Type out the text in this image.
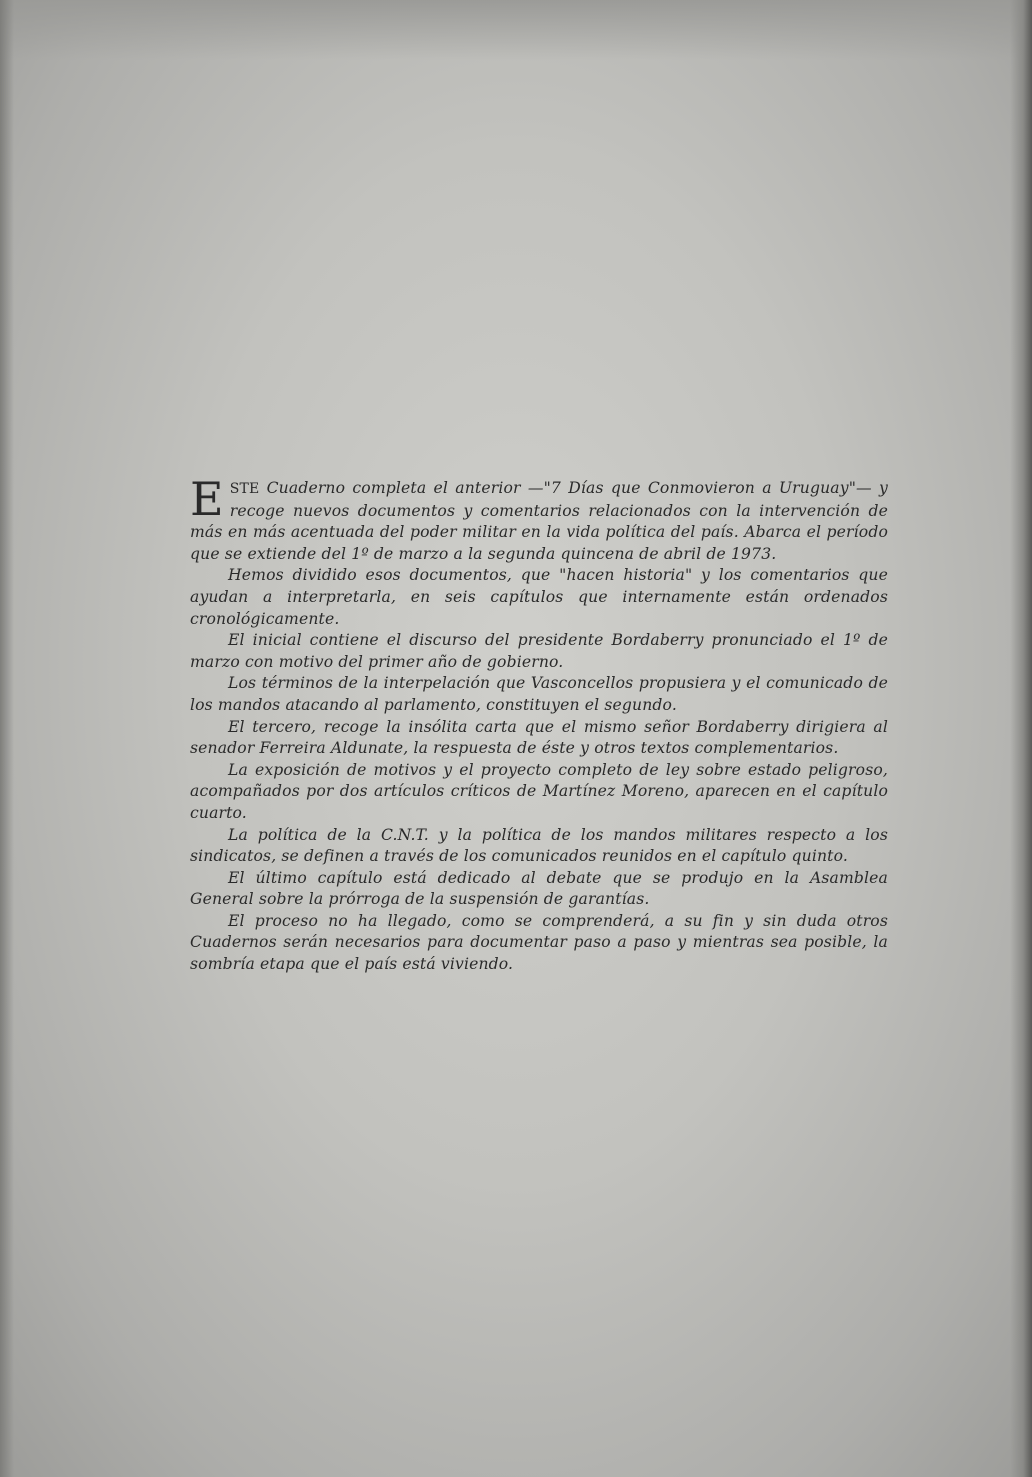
ESTE Cuaderno completa el anterior —"7 Días que Conmovieron a Uruguay"— y recoge nuevos documentos y comentarios relacionados con la intervención de más en más acentuada del poder militar en la vida política del país. Abarca el período que se extiende del 1º de marzo a la segunda quincena de abril de 1973.

Hemos dividido esos documentos, que "hacen historia" y los comentarios que ayudan a interpretarla, en seis capítulos que internamente están ordenados cronológicamente.

El inicial contiene el discurso del presidente Bordaberry pronunciado el 1º de marzo con motivo del primer año de gobierno.

Los términos de la interpelación que Vasconcellos propusiera y el comunicado de los mandos atacando al parlamento, constituyen el segundo.

El tercero, recoge la insólita carta que el mismo señor Bordaberry dirigiera al senador Ferreira Aldunate, la respuesta de éste y otros textos complementarios.

La exposición de motivos y el proyecto completo de ley sobre estado peligroso, acompañados por dos artículos críticos de Martínez Moreno, aparecen en el capítulo cuarto.

La política de la C.N.T. y la política de los mandos militares respecto a los sindicatos, se definen a través de los comunicados reunidos en el capítulo quinto.

El último capítulo está dedicado al debate que se produjo en la Asamblea General sobre la prórroga de la suspensión de garantías.

El proceso no ha llegado, como se comprenderá, a su fin y sin duda otros Cuadernos serán necesarios para documentar paso a paso y mientras sea posible, la sombría etapa que el país está viviendo.
